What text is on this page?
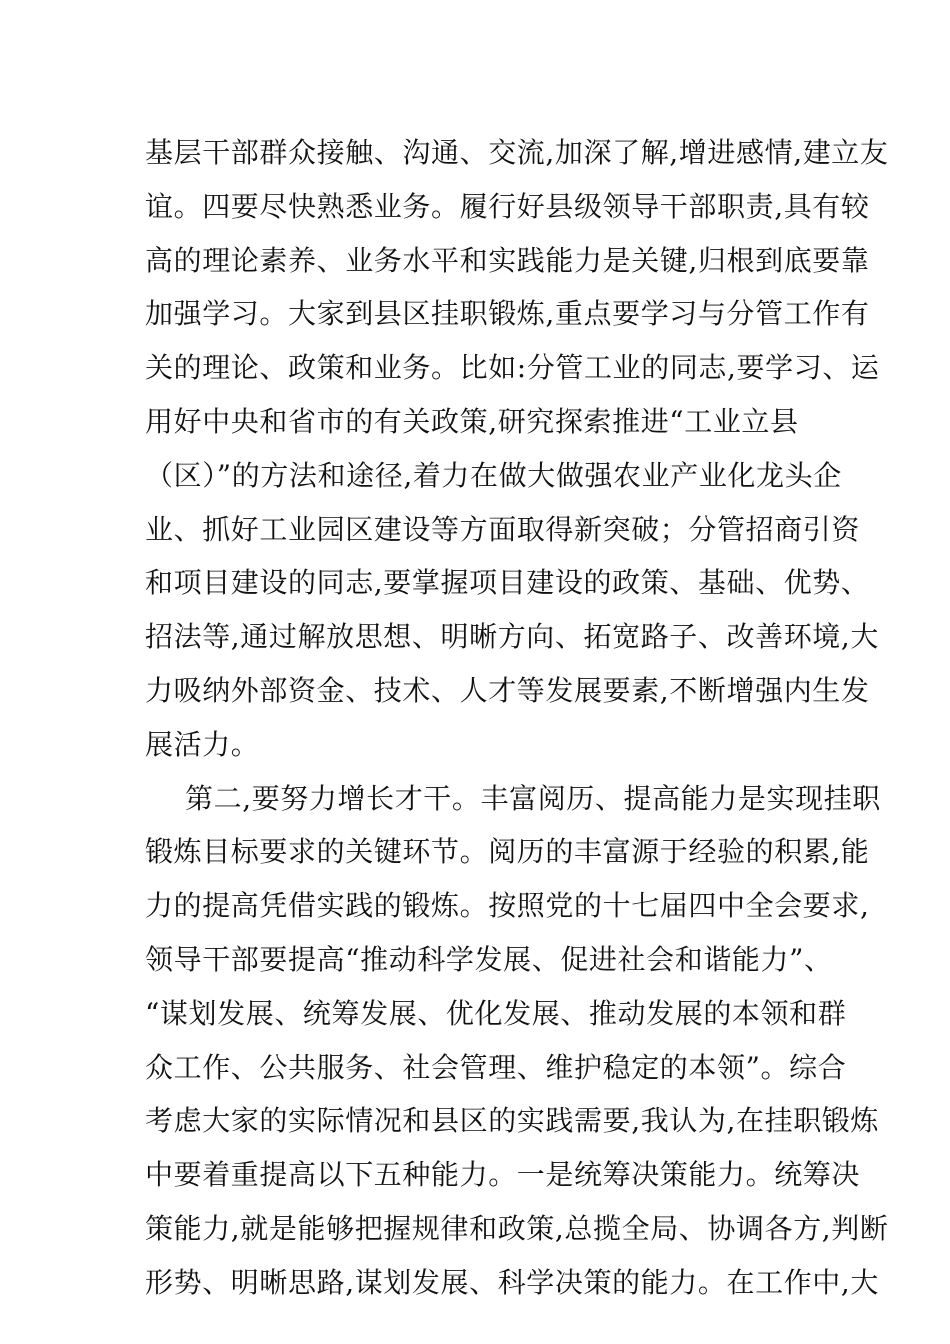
基层干部群众接触、沟通、交流,加深了解,增进感情,建立友
谊。四要尽快熟悉业务。履行好县级领导干部职责,具有较
高的理论素养、业务水平和实践能力是关键,归根到底要靠
加强学习。大家到县区挂职锻炼,重点要学习与分管工作有
关的理论、政策和业务。比如:分管工业的同志,要学习、运
用好中央和省市的有关政策,研究探索推进“工业立县
（区）”的方法和途径,着力在做大做强农业产业化龙头企
业、抓好工业园区建设等方面取得新突破；分管招商引资
和项目建设的同志,要掌握项目建设的政策、基础、优势、
招法等,通过解放思想、明晰方向、拓宽路子、改善环境,大
力吸纳外部资金、技术、人才等发展要素,不断增强内生发
展活力。
第二,要努力增长才干。丰富阅历、提高能力是实现挂职
锻炼目标要求的关键环节。阅历的丰富源于经验的积累,能
力的提高凭借实践的锻炼。按照党的十七届四中全会要求,
领导干部要提高“推动科学发展、促进社会和谐能力”、
“谋划发展、统筹发展、优化发展、推动发展的本领和群
众工作、公共服务、社会管理、维护稳定的本领”。综合
考虑大家的实际情况和县区的实践需要,我认为,在挂职锻炼
中要着重提高以下五种能力。一是统筹决策能力。统筹决
策能力,就是能够把握规律和政策,总揽全局、协调各方,判断
形势、明晰思路,谋划发展、科学决策的能力。在工作中,大
